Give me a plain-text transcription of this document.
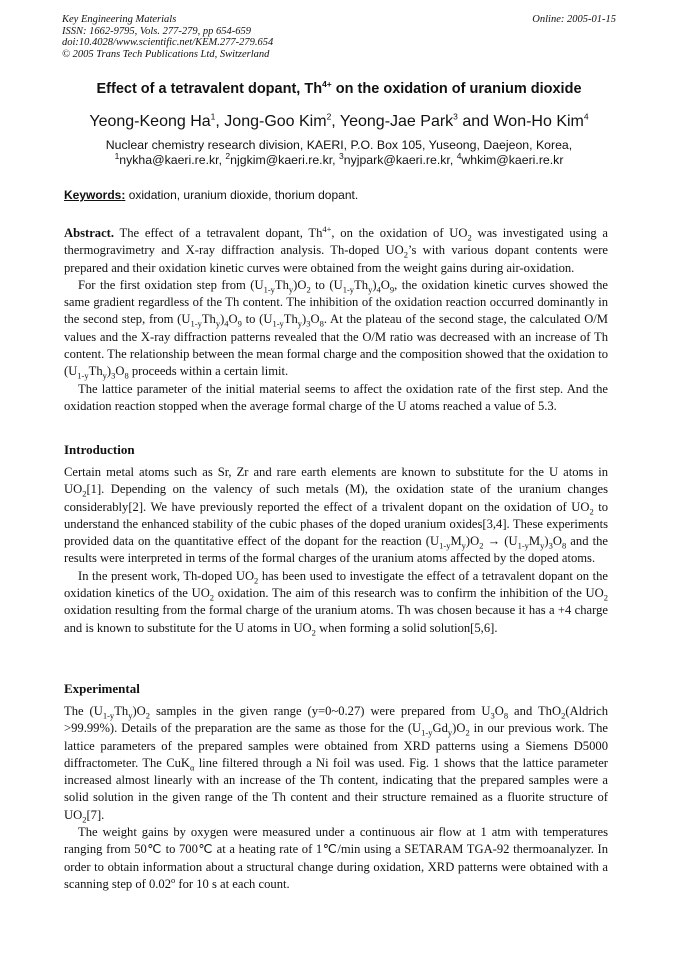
Key Engineering Materials
ISSN: 1662-9795, Vols. 277-279, pp 654-659
doi:10.4028/www.scientific.net/KEM.277-279.654
© 2005 Trans Tech Publications Ltd, Switzerland
Online: 2005-01-15
Effect of a tetravalent dopant, $Th^{4+}$ on the oxidation of uranium dioxide
Yeong-Keong Ha$^1$, Jong-Goo Kim$^2$, Yeong-Jae Park$^3$ and Won-Ho Kim$^4$
Nuclear chemistry research division, KAERI, P.O. Box 105, Yuseong, Daejeon, Korea,
$^1$nykha@kaeri.re.kr, $^2$njgkim@kaeri.re.kr, $^3$nyjpark@kaeri.re.kr, $^4$whkim@kaeri.re.kr
Keywords: oxidation, uranium dioxide, thorium dopant.

Abstract. The effect of a tetravalent dopant, $Th^{4+}$, on the oxidation of $UO_2$ was investigated using a thermogravimetry and X-ray diffraction analysis. Th-doped $UO_2’s$ with various dopant contents were prepared and their oxidation kinetic curves were obtained from the weight gains during air-oxidation.

For the first oxidation step from $(U_{1-y}Th_y)O_2$ to $(U_{1-y}Th_y)_4O_9$, the oxidation kinetic curves showed the same gradient regardless of the Th content. The inhibition of the oxidation reaction occurred dominantly in the second step, from $(U_{1-y}Th_y)_4O_9$ to $(U_{1-y}Th_y)_3O_8$. At the plateau of the second stage, the calculated O/M values and the X-ray diffraction patterns revealed that the O/M ratio was decreased with an increase of Th content. The relationship between the mean formal charge and the composition showed that the oxidation to $(U_{1-y}Th_y)_3O_8$ proceeds within a certain limit.

The lattice parameter of the initial material seems to affect the oxidation rate of the first step. And the oxidation reaction stopped when the average formal charge of the U atoms reached a value of 5.3.

Introduction

Certain metal atoms such as Sr, Zr and rare earth elements are known to substitute for the U atoms in $UO_2[1]$. Depending on the valency of such metals (M), the oxidation state of the uranium changes considerably[2]. We have previously reported the effect of a trivalent dopant on the oxidation of $UO_2$ to understand the enhanced stability of the cubic phases of the doped uranium oxides[3,4]. These experiments provided data on the quantitative effect of the dopant for the reaction $(U_{1-y}M_y)O_2 \to (U_{1-y}M_y)_3O_8$ and the results were interpreted in terms of the formal charges of the uranium atoms affected by the doped atoms.

In the present work, Th-doped $UO_2$ has been used to investigate the effect of a tetravalent dopant on the oxidation kinetics of the $UO_2$ oxidation. The aim of this research was to confirm the inhibition of the $UO_2$ oxidation resulting from the formal charge of the uranium atoms. Th was chosen because it has a +4 charge and is known to substitute for the U atoms in $UO_2$ when forming a solid solution[5,6].

Experimental

The $(U_{1-y}Th_y)O_2$ samples in the given range (y=0~0.27) were prepared from $U_3O_8$ and ThO$_2$(Aldrich >99.99%). Details of the preparation are the same as those for the $(U_{1-y}Gd_y)O_2$ in our previous work. The lattice parameters of the prepared samples were obtained from XRD patterns using a Siemens D5000 diffractometer. The CuK$_\alpha$ line filtered through a Ni foil was used. Fig. 1 shows that the lattice parameter increased almost linearly with an increase of the Th content, indicating that the prepared samples were a solid solution in the given range of the Th content and their structure remained as a fluorite structure of $UO_2[7]$.

The weight gains by oxygen were measured under a continuous air flow at 1 atm with temperatures ranging from 50℃ to 700℃ at a heating rate of 1℃/min using a SETARAM TGA-92 thermoanalyzer. In order to obtain information about a structural change during oxidation, XRD patterns were obtained with a scanning step of 0.02$^o$ for 10 s at each count.
